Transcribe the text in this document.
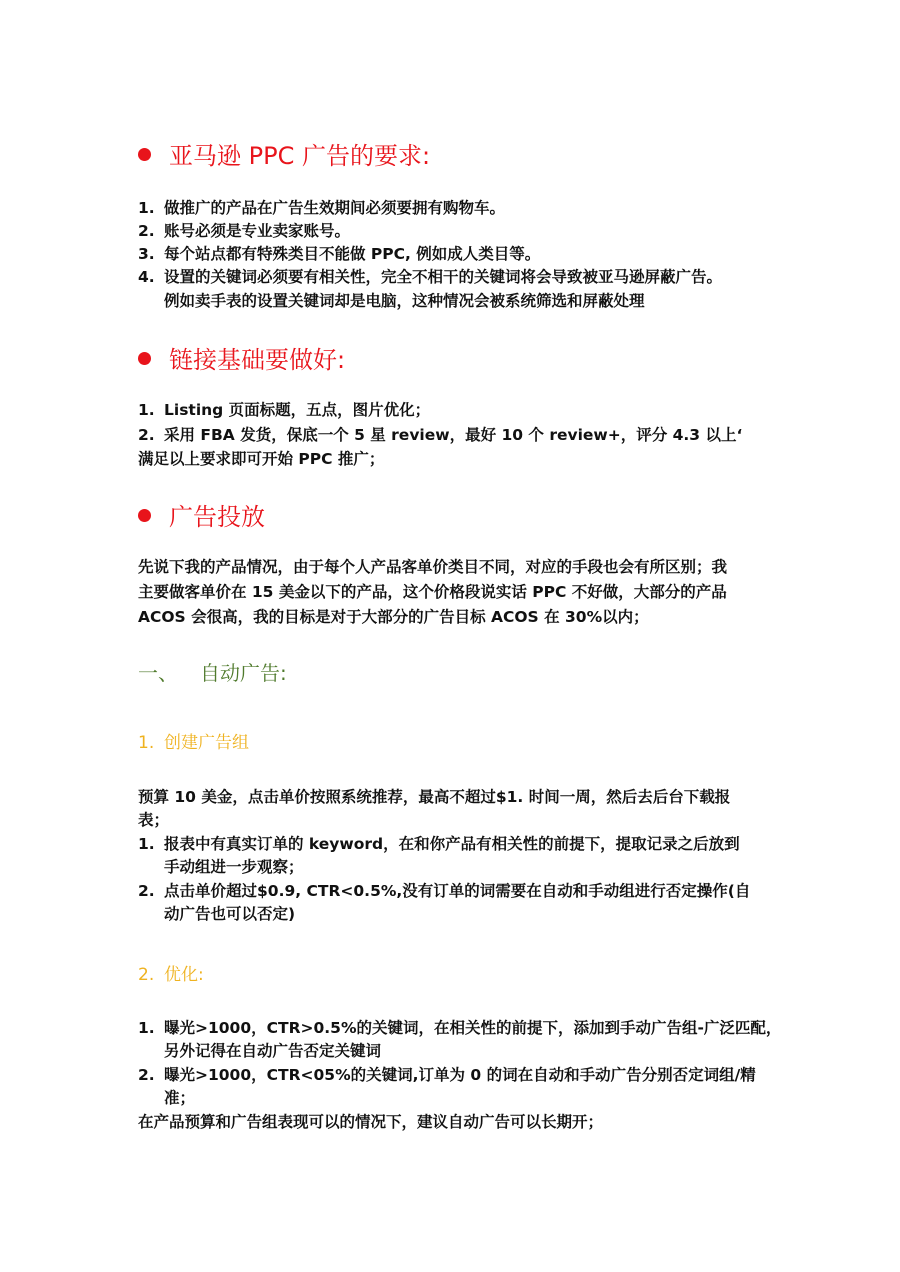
亚马逊 PPC 广告的要求:
1. 做推广的产品在广告生效期间必须要拥有购物车。
2. 账号必须是专业卖家账号。
3. 每个站点都有特殊类目不能做 PPC, 例如成人类目等。
4. 设置的关键词必须要有相关性，完全不相干的关键词将会导致被亚马逊屏蔽广告。
例如卖手表的设置关键词却是电脑，这种情况会被系统筛选和屏蔽处理
链接基础要做好:
1. Listing 页面标题，五点，图片优化；
2. 采用 FBA 发货，保底一个 5 星 review，最好 10 个 review+，评分 4.3 以上‘
满足以上要求即可开始 PPC 推广；
广告投放
先说下我的产品情况，由于每个人产品客单价类目不同，对应的手段也会有所区别；我
主要做客单价在 15 美金以下的产品，这个价格段说实话 PPC 不好做，大部分的产品
ACOS 会很高，我的目标是对于大部分的广告目标 ACOS 在 30%以内；
一、 自动广告:
1. 创建广告组
预算 10 美金，点击单价按照系统推荐，最高不超过$1. 时间一周，然后去后台下载报
表；
1. 报表中有真实订单的 keyword，在和你产品有相关性的前提下，提取记录之后放到
手动组进一步观察；
2. 点击单价超过$0.9, CTR<0.5%,没有订单的词需要在自动和手动组进行否定操作(自
动广告也可以否定)
2. 优化:
1. 曝光>1000，CTR>0.5%的关键词，在相关性的前提下，添加到手动广告组-广泛匹配，
另外记得在自动广告否定关键词
2. 曝光>1000，CTR<05%的关键词,订单为 0 的词在自动和手动广告分别否定词组/精
准；
在产品预算和广告组表现可以的情况下，建议自动广告可以长期开；
